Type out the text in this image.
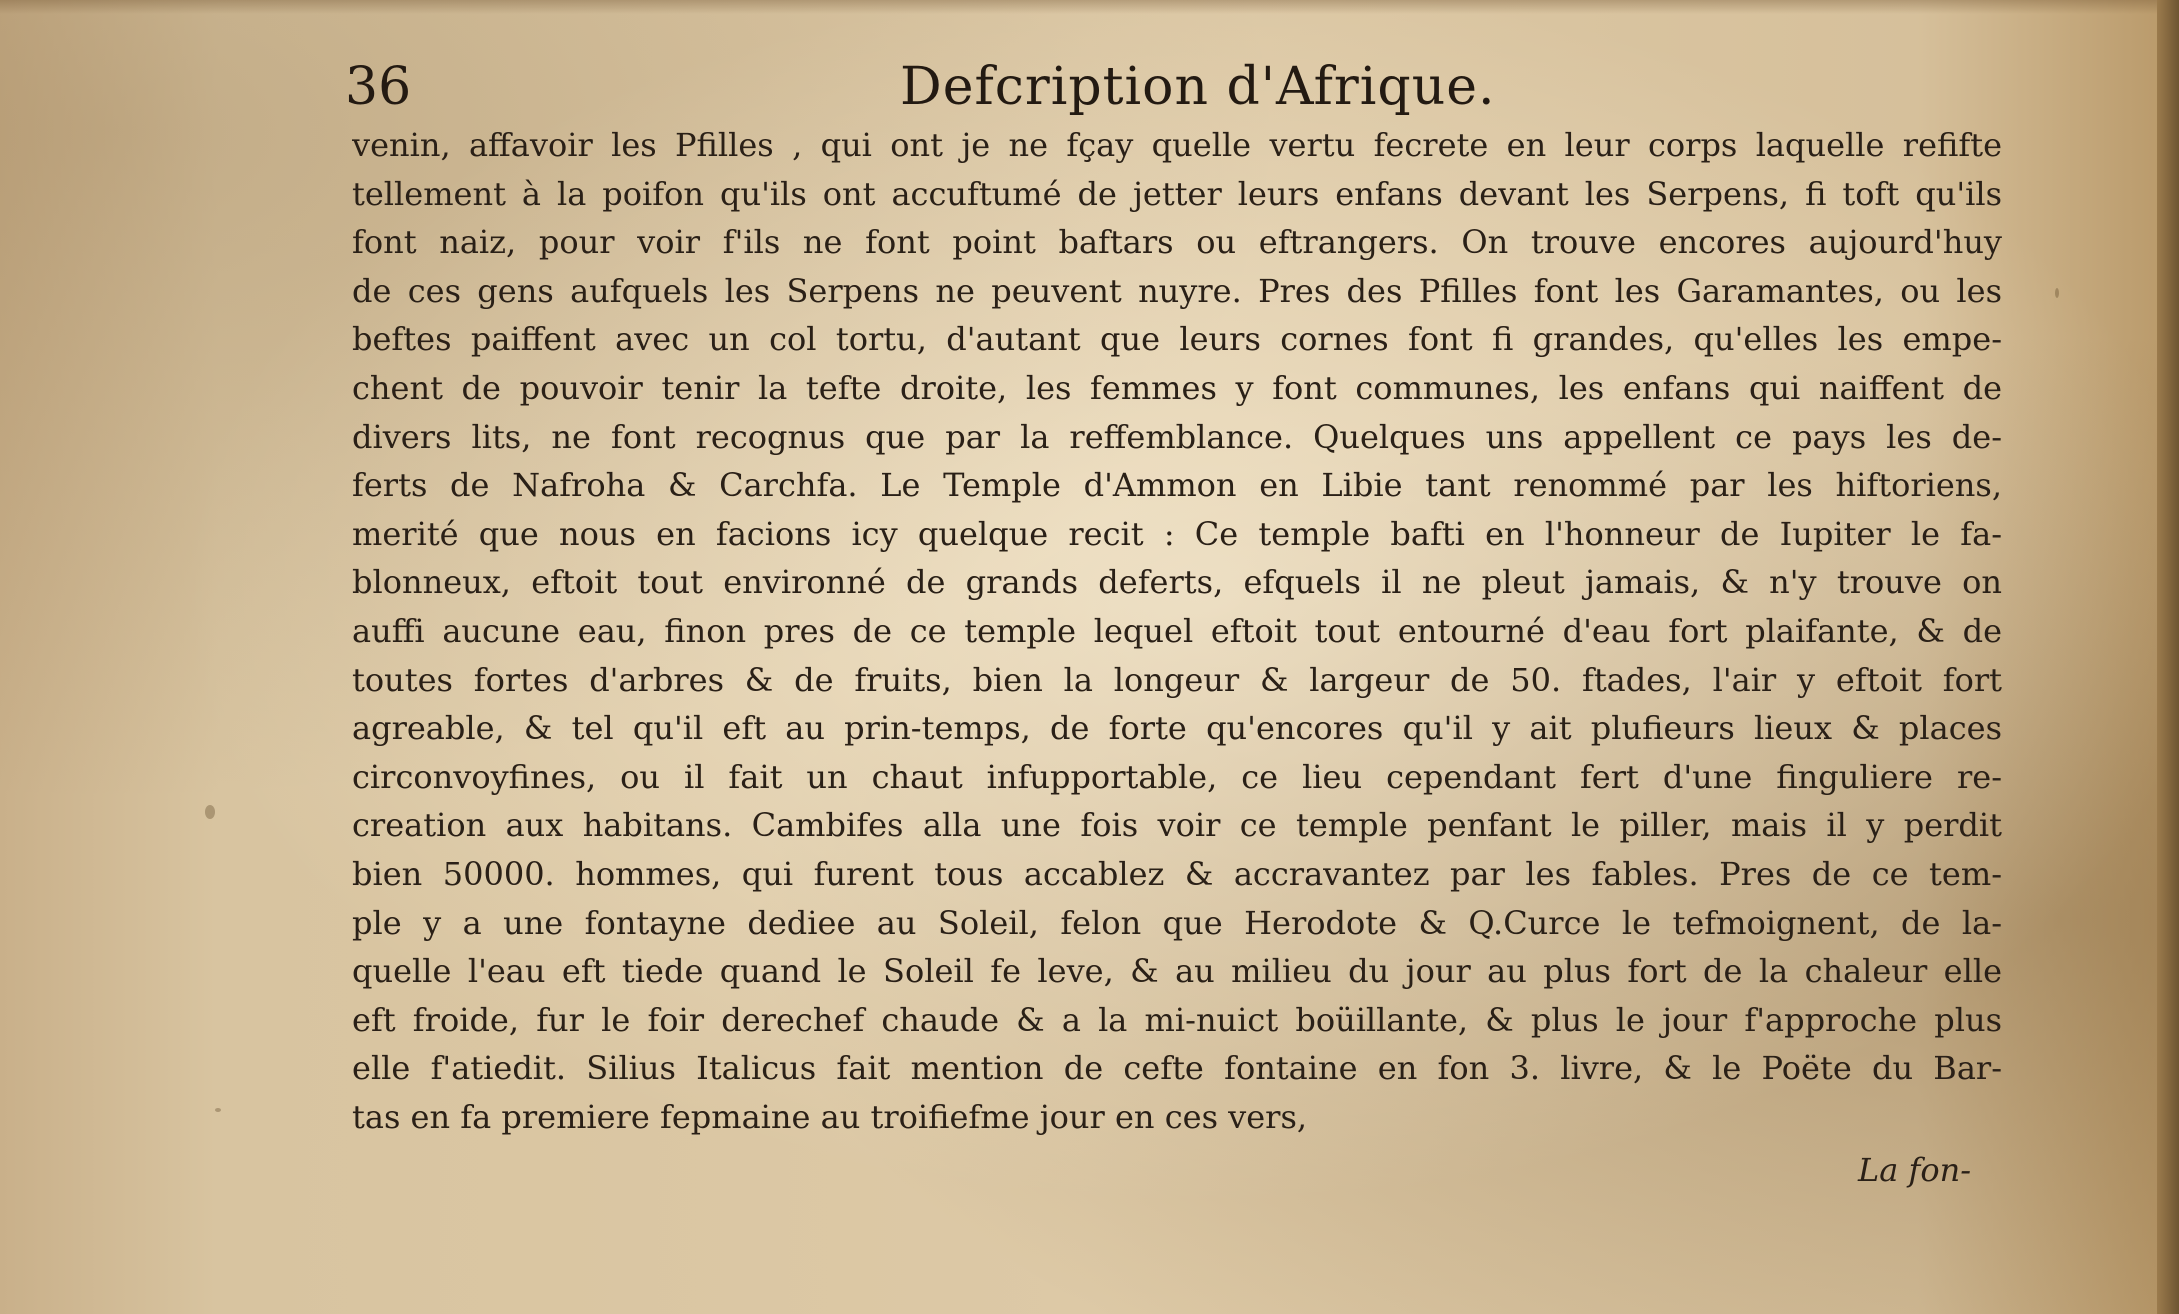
36	Defcription d'Afrique.
venin, affavoir les Pfilles , qui ont je ne fçay quelle vertu fecrete en leur corps laquelle refifte
tellement à la poifon qu'ils ont accuftumé de jetter leurs enfans devant les Serpens, fi toft qu'ils
font naiz, pour voir f'ils ne font point baftars ou eftrangers. On trouve encores aujourd'huy
de ces gens aufquels les Serpens ne peuvent nuyre. Pres des Pfilles font les Garamantes, ou les
beftes paiffent avec un col tortu, d'autant que leurs cornes font fi grandes, qu'elles les empe-
chent de pouvoir tenir la tefte droite, les femmes y font communes, les enfans qui naiffent de
divers lits, ne font recognus que par la reffemblance. Quelques uns appellent ce pays les de-
ferts de Nafroha & Carchfa. Le Temple d'Ammon en Libie tant renommé par les hiftoriens,
merité que nous en facions icy quelque recit : Ce temple bafti en l'honneur de Iupiter le fa-
blonneux, eftoit tout environné de grands deferts, efquels il ne pleut jamais, & n'y trouve on
auffi aucune eau, finon pres de ce temple lequel eftoit tout entourné d'eau fort plaifante, & de
toutes fortes d'arbres & de fruits, bien la longeur & largeur de 50. ftades, l'air y eftoit fort
agreable, & tel qu'il eft au prin-temps, de forte qu'encores qu'il y ait plufieurs lieux & places
circonvoyfines, ou il fait un chaut infupportable, ce lieu cependant fert d'une finguliere re-
creation aux habitans. Cambifes alla une fois voir ce temple penfant le piller, mais il y perdit
bien 50000. hommes, qui furent tous accablez & accravantez par les fables. Pres de ce tem-
ple y a une fontayne dediee au Soleil, felon que Herodote & Q.Curce le tefmoignent, de la-
quelle l'eau eft tiede quand le Soleil fe leve, & au milieu du jour au plus fort de la chaleur elle
eft froide, fur le foir derechef chaude & a la mi-nuict boüillante, & plus le jour f'approche plus
elle f'atiedit. Silius Italicus fait mention de cefte fontaine en fon 3. livre, & le Poëte du Bar-
tas en fa premiere fepmaine au troifiefme jour en ces vers,
La fon-
